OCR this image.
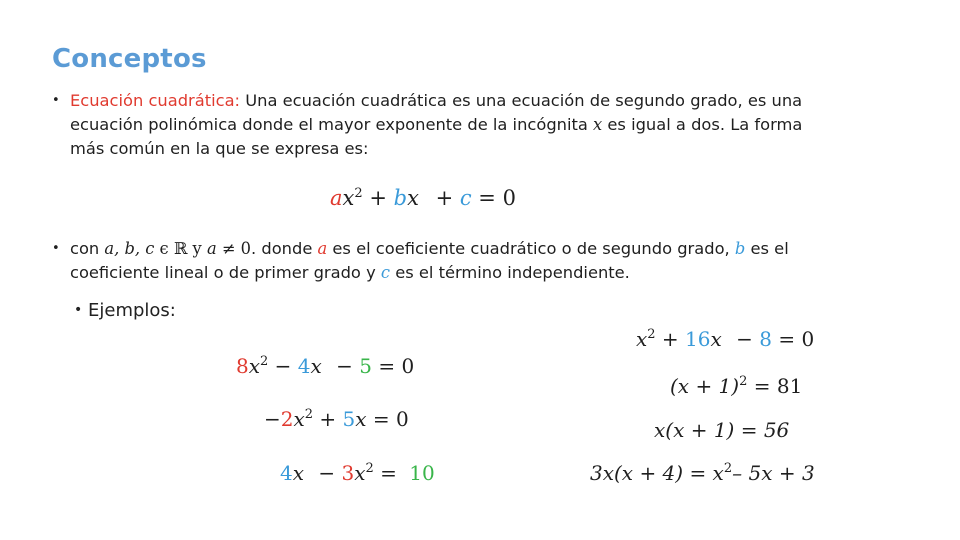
Conceptos
• Ecuación cuadrática: Una ecuación cuadrática es una ecuación de segundo grado, es una
ecuación polinómica donde el mayor exponente de la incógnita x es igual a dos. La forma
más común en la que se expresa es:
$ax^2$ + bx + c = 0
• con a, b, c ϵ ℝ y a ≠ 0. donde a es el coeficiente cuadrático o de segundo grado, b es el
coeficiente lineal o de primer grado y c es el término independiente.
• Ejemplos:
$8x^2 - 4x - 5 = 0$
$-2x^2 + 5x = 0$
$4x - 3x^2 = 10$
$x^2 + 16x - 8 = 0$
$(x + 1)^2 = 81$
x(x + 1) = 56
$3x(x + 4) = x^2-$ 5x + 3
